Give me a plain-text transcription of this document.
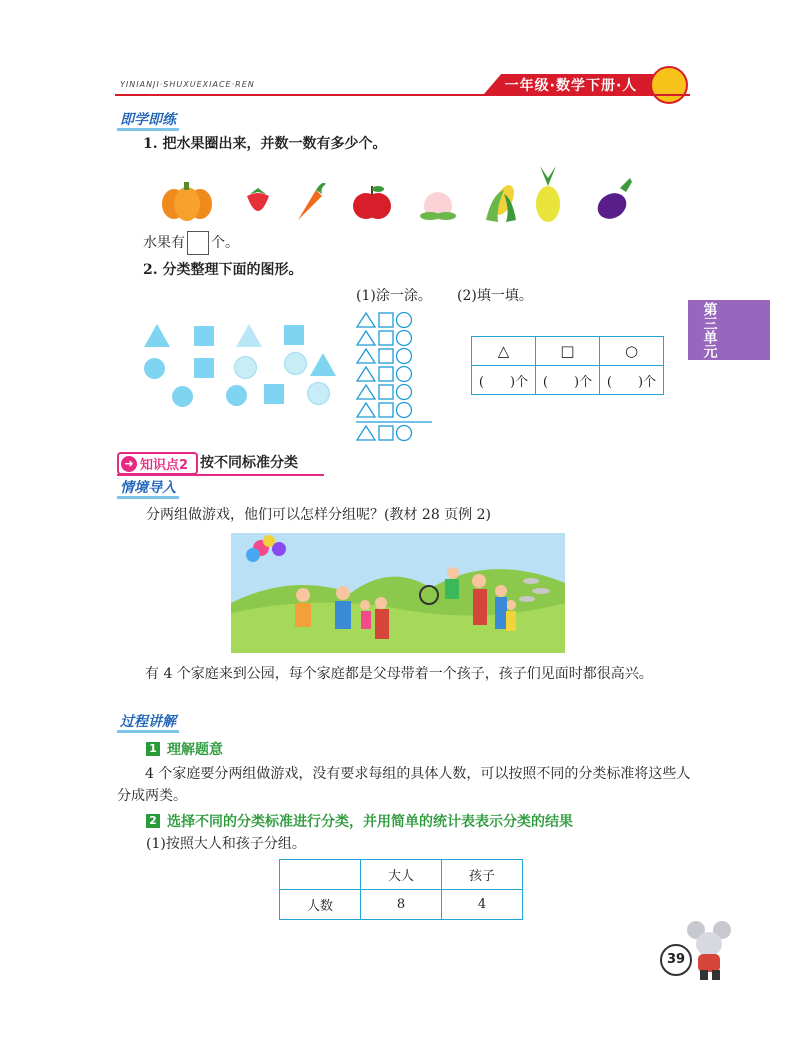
YINIANJI·SHUXUEXIACE·REN	一年级·数学下册·人
第三单元
即学即练
1. 把水果圈出来，并数一数有多少个。
水果有 个。
2. 分类整理下面的图形。
(1)涂一涂。 (2)填一填。
△	□	○
(　　)个	(　　)个	(　　)个
➜ 知识点2 按不同标准分类
情境导入
分两组做游戏，他们可以怎样分组呢？(教材 28 页例 2)
有 4 个家庭来到公园，每个家庭都是父母带着一个孩子，孩子们见面时都很高兴。
过程讲解
1 理解题意
4 个家庭要分两组做游戏，没有要求每组的具体人数，可以按照不同的分类标准将这些人分成两类。
2 选择不同的分类标准进行分类，并用简单的统计表表示分类的结果
(1)按照大人和孩子分组。
	大人	孩子
人数	8	4
39
